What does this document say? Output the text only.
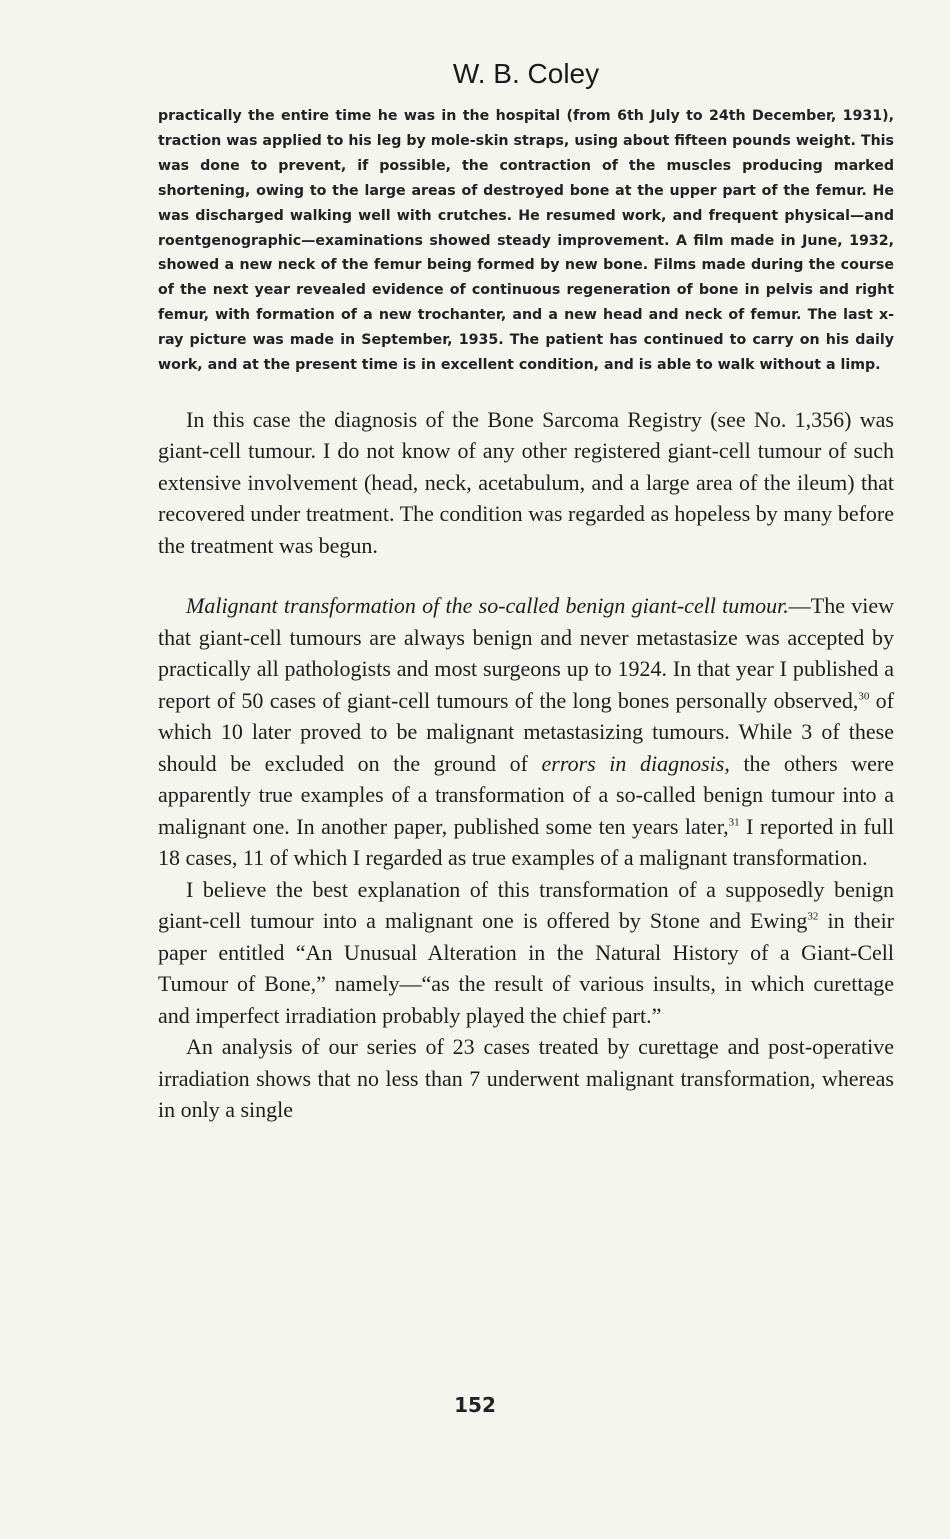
W. B. Coley

practically the entire time he was in the hospital (from 6th July to 24th December, 1931), traction was applied to his leg by mole-skin straps, using about fifteen pounds weight. This was done to prevent, if possible, the contraction of the muscles producing marked shortening, owing to the large areas of destroyed bone at the upper part of the femur. He was discharged walking well with crutches. He resumed work, and frequent physical—and roentgenographic—examinations showed steady improvement. A film made in June, 1932, showed a new neck of the femur being formed by new bone. Films made during the course of the next year revealed evidence of continuous regeneration of bone in pelvis and right femur, with formation of a new trochanter, and a new head and neck of femur. The last x-ray picture was made in September, 1935. The patient has continued to carry on his daily work, and at the present time is in excellent condition, and is able to walk without a limp.

In this case the diagnosis of the Bone Sarcoma Registry (see No. 1,356) was giant-cell tumour. I do not know of any other registered giant-cell tumour of such extensive involvement (head, neck, acetabulum, and a large area of the ileum) that recovered under treatment. The condition was regarded as hopeless by many before the treatment was begun.

Malignant transformation of the so-called benign giant-cell tumour.—The view that giant-cell tumours are always benign and never metastasize was accepted by practically all pathologists and most surgeons up to 1924. In that year I published a report of 50 cases of giant-cell tumours of the long bones personally observed,$^{30}$ of which 10 later proved to be malignant metastasizing tumours. While 3 of these should be excluded on the ground of errors in diagnosis, the others were apparently true examples of a transformation of a so-called benign tumour into a malignant one. In another paper, published some ten years later,$^{31}$ I reported in full 18 cases, 11 of which I regarded as true examples of a malignant transformation.

I believe the best explanation of this transformation of a supposedly benign giant-cell tumour into a malignant one is offered by Stone and Ewing$^{32}$ in their paper entitled “An Unusual Alteration in the Natural History of a Giant-Cell Tumour of Bone,” namely—“as the result of various insults, in which curettage and imperfect irradiation probably played the chief part.”

An analysis of our series of 23 cases treated by curettage and post-operative irradiation shows that no less than 7 underwent malignant transformation, whereas in only a single

152
